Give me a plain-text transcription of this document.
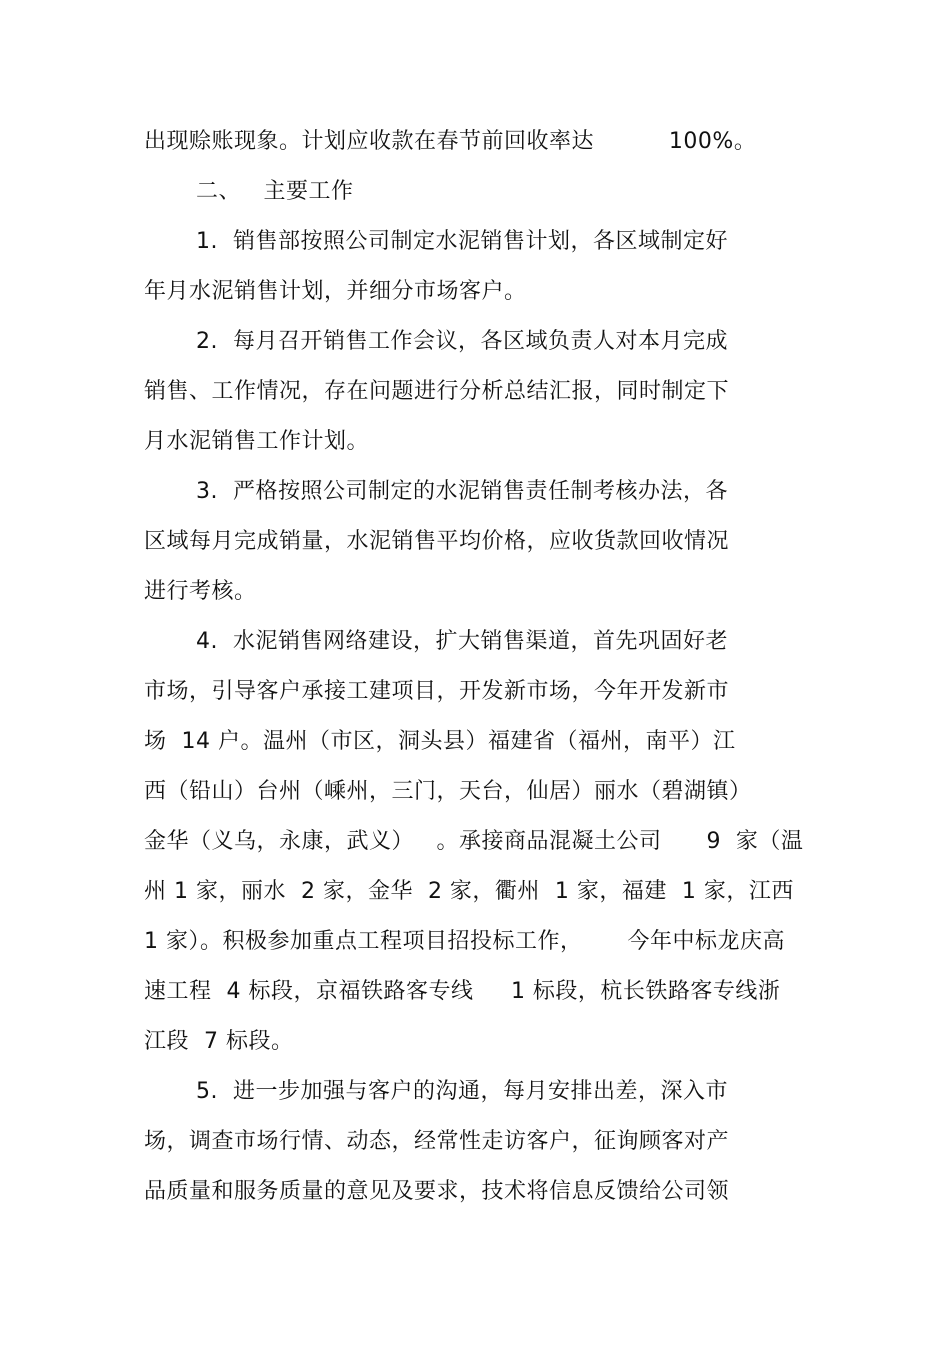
出现赊账现象。计划应收款在春节前回收率达          100%。
二、   主要工作
1.  销售部按照公司制定水泥销售计划，各区域制定好
年月水泥销售计划，并细分市场客户。
2.  每月召开销售工作会议，各区域负责人对本月完成
销售、工作情况，存在问题进行分析总结汇报，同时制定下
月水泥销售工作计划。
3.  严格按照公司制定的水泥销售责任制考核办法，各
区域每月完成销量，水泥销售平均价格，应收货款回收情况
进行考核。
4.  水泥销售网络建设，扩大销售渠道，首先巩固好老
市场，引导客户承接工建项目，开发新市场，今年开发新市
场  14 户。温州（市区，洞头县）福建省（福州，南平）江
西（铅山）台州（嵊州，三门，天台，仙居）丽水（碧湖镇）
金华（义乌，永康，武义）   。承接商品混凝土公司      9  家（温
州 1 家，丽水  2 家，金华  2 家，衢州  1 家，福建  1 家，江西
1 家）。积极参加重点工程项目招投标工作，      今年中标龙庆高
速工程  4 标段，京福铁路客专线     1 标段，杭长铁路客专线浙
江段  7 标段。
5.  进一步加强与客户的沟通，每月安排出差，深入市
场，调查市场行情、动态，经常性走访客户，征询顾客对产
品质量和服务质量的意见及要求，技术将信息反馈给公司领
